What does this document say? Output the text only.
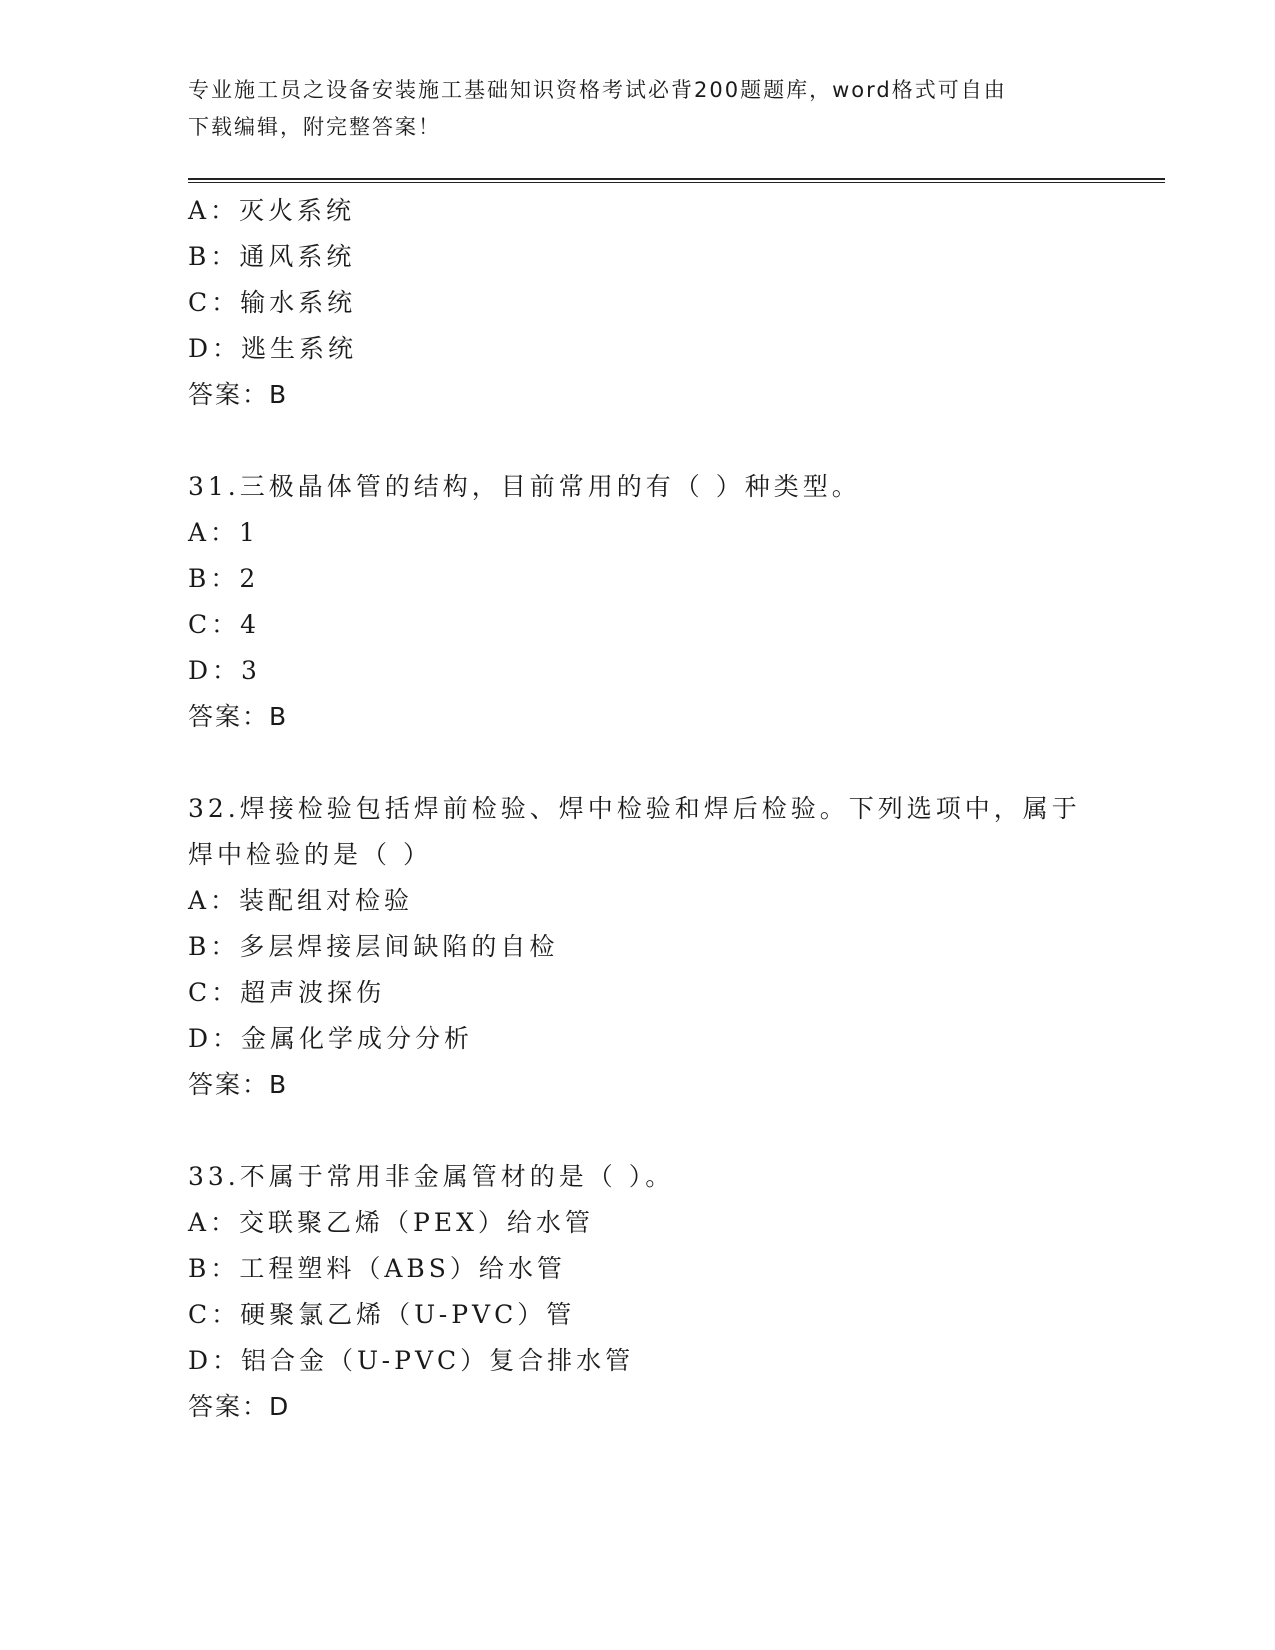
专业施工员之设备安装施工基础知识资格考试必背200题题库，word格式可自由
下载编辑，附完整答案！
A：灭火系统
B：通风系统
C：输水系统
D：逃生系统
答案：B
31.三极晶体管的结构，目前常用的有（ ）种类型。
A：1
B：2
C：4
D：3
答案：B
32.焊接检验包括焊前检验、焊中检验和焊后检验。下列选项中，属于
焊中检验的是（ ）
A：装配组对检验
B：多层焊接层间缺陷的自检
C：超声波探伤
D：金属化学成分分析
答案：B
33.不属于常用非金属管材的是（ ）。
A：交联聚乙烯（PEX）给水管
B：工程塑料（ABS）给水管
C：硬聚氯乙烯（U-PVC）管
D：铝合金（U-PVC）复合排水管
答案：D
